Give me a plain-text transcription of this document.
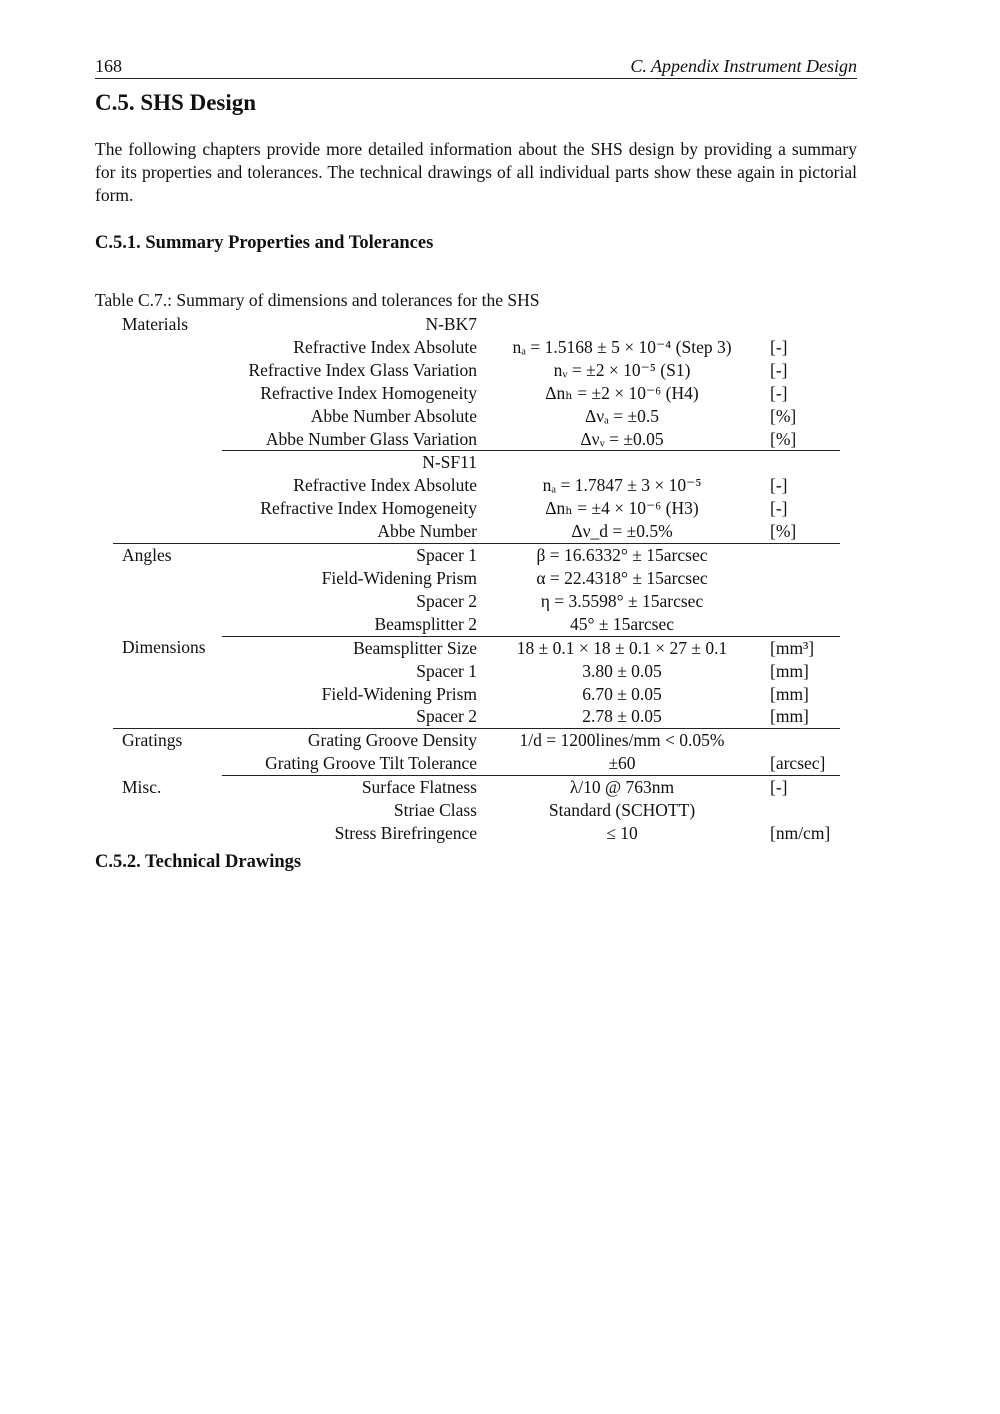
168	C. Appendix Instrument Design
C.5. SHS Design

The following chapters provide more detailed information about the SHS design by providing a summary for its properties and tolerances. The technical drawings of all individual parts show these again in pictorial form.

C.5.1. Summary Properties and Tolerances

Table C.7.: Summary of dimensions and tolerances for the SHS

Materials	N-BK7		
	Refractive Index Absolute	nₐ = 1.5168 ± 5 × 10⁻⁴ (Step 3)	[-]
	Refractive Index Glass Variation	nᵥ = ±2 × 10⁻⁵ (S1)	[-]
	Refractive Index Homogeneity	Δnₕ = ±2 × 10⁻⁶ (H4)	[-]
	Abbe Number Absolute	Δνₐ = ±0.5	[%]
	Abbe Number Glass Variation	Δνᵥ = ±0.05	[%]
	N-SF11		
	Refractive Index Absolute	nₐ = 1.7847 ± 3 × 10⁻⁵	[-]
	Refractive Index Homogeneity	Δnₕ = ±4 × 10⁻⁶ (H3)	[-]
	Abbe Number	Δν_d = ±0.5%	[%]
Angles	Spacer 1	β = 16.6332° ± 15arcsec	
	Field-Widening Prism	α = 22.4318° ± 15arcsec	
	Spacer 2	η = 3.5598° ± 15arcsec	
	Beamsplitter 2	45° ± 15arcsec	
Dimensions	Beamsplitter Size	18 ± 0.1 × 18 ± 0.1 × 27 ± 0.1	[mm³]
	Spacer 1	3.80 ± 0.05	[mm]
	Field-Widening Prism	6.70 ± 0.05	[mm]
	Spacer 2	2.78 ± 0.05	[mm]
Gratings	Grating Groove Density	1/d = 1200lines/mm < 0.05%	
	Grating Groove Tilt Tolerance	±60	[arcsec]
Misc.	Surface Flatness	λ/10 @ 763nm	[-]
	Striae Class	Standard (SCHOTT)	
	Stress Birefringence	≤ 10	[nm/cm]
C.5.2. Technical Drawings
